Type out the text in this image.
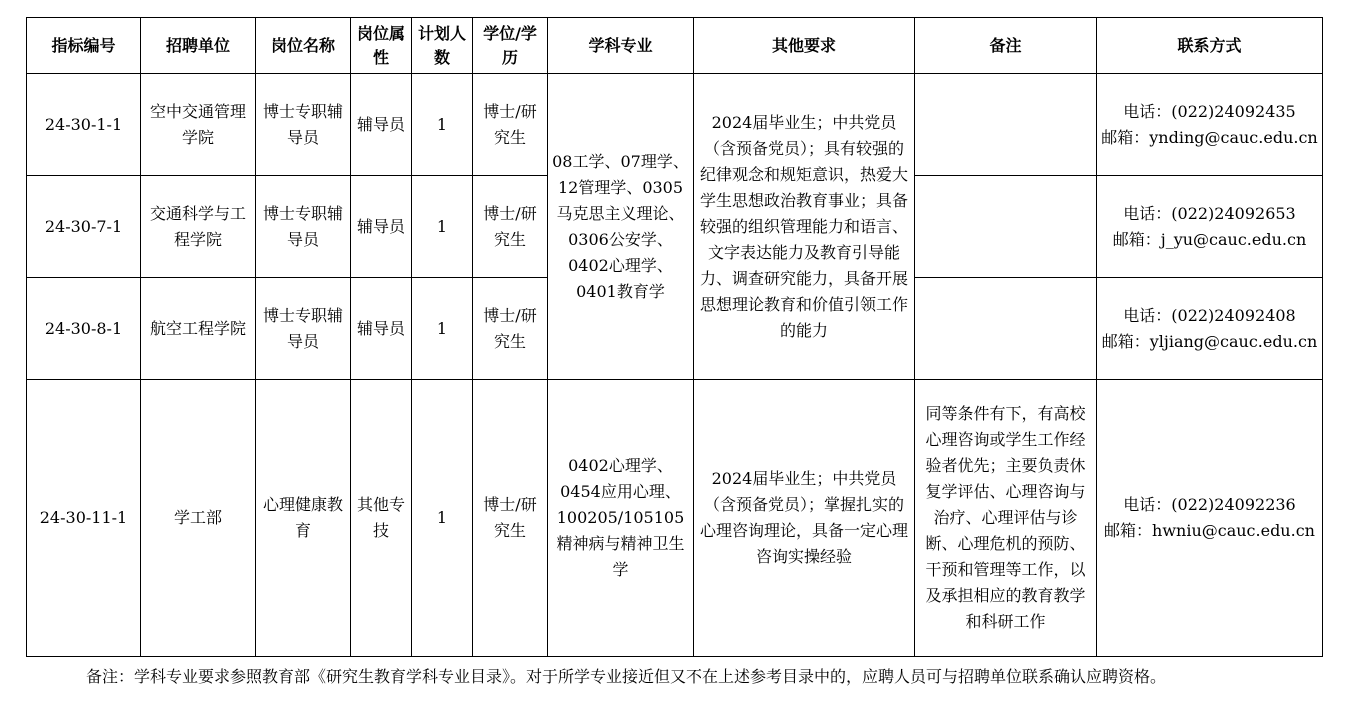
指标编号	招聘单位	岗位名称	岗位属性	计划人数	学位/学历	学科专业	其他要求	备注	联系方式
24-30-1-1	空中交通管理学院	博士专职辅导员	辅导员	1	博士/研究生	08工学、07理学、12管理学、0305马克思主义理论、0306公安学、0402心理学、0401教育学	2024届毕业生；中共党员（含预备党员）；具有较强的纪律观念和规矩意识，热爱大学生思想政治教育事业；具备较强的组织管理能力和语言、文字表达能力及教育引导能力、调查研究能力，具备开展思想理论教育和价值引领工作的能力		电话：(022)24092435
邮箱：ynding@cauc.edu.cn

24-30-7-1	交通科学与工程学院	博士专职辅导员	辅导员	1	博士/研究生				电话：(022)24092653
邮箱：j_yu@cauc.edu.cn

24-30-8-1	航空工程学院	博士专职辅导员	辅导员	1	博士/研究生				电话：(022)24092408
邮箱：yljiang@cauc.edu.cn

24-30-11-1	学工部	心理健康教育	其他专技	1	博士/研究生	0402心理学、0454应用心理、100205/105105精神病与精神卫生学	2024届毕业生；中共党员（含预备党员）；掌握扎实的心理咨询理论，具备一定心理咨询实操经验	同等条件有下，有高校心理咨询或学生工作经验者优先；主要负责休复学评估、心理咨询与治疗、心理评估与诊断、心理危机的预防、干预和管理等工作，以及承担相应的教育教学和科研工作	电话：(022)24092236
邮箱：hwniu@cauc.edu.cn
备注：学科专业要求参照教育部《研究生教育学科专业目录》。对于所学专业接近但又不在上述参考目录中的，应聘人员可与招聘单位联系确认应聘资格。
